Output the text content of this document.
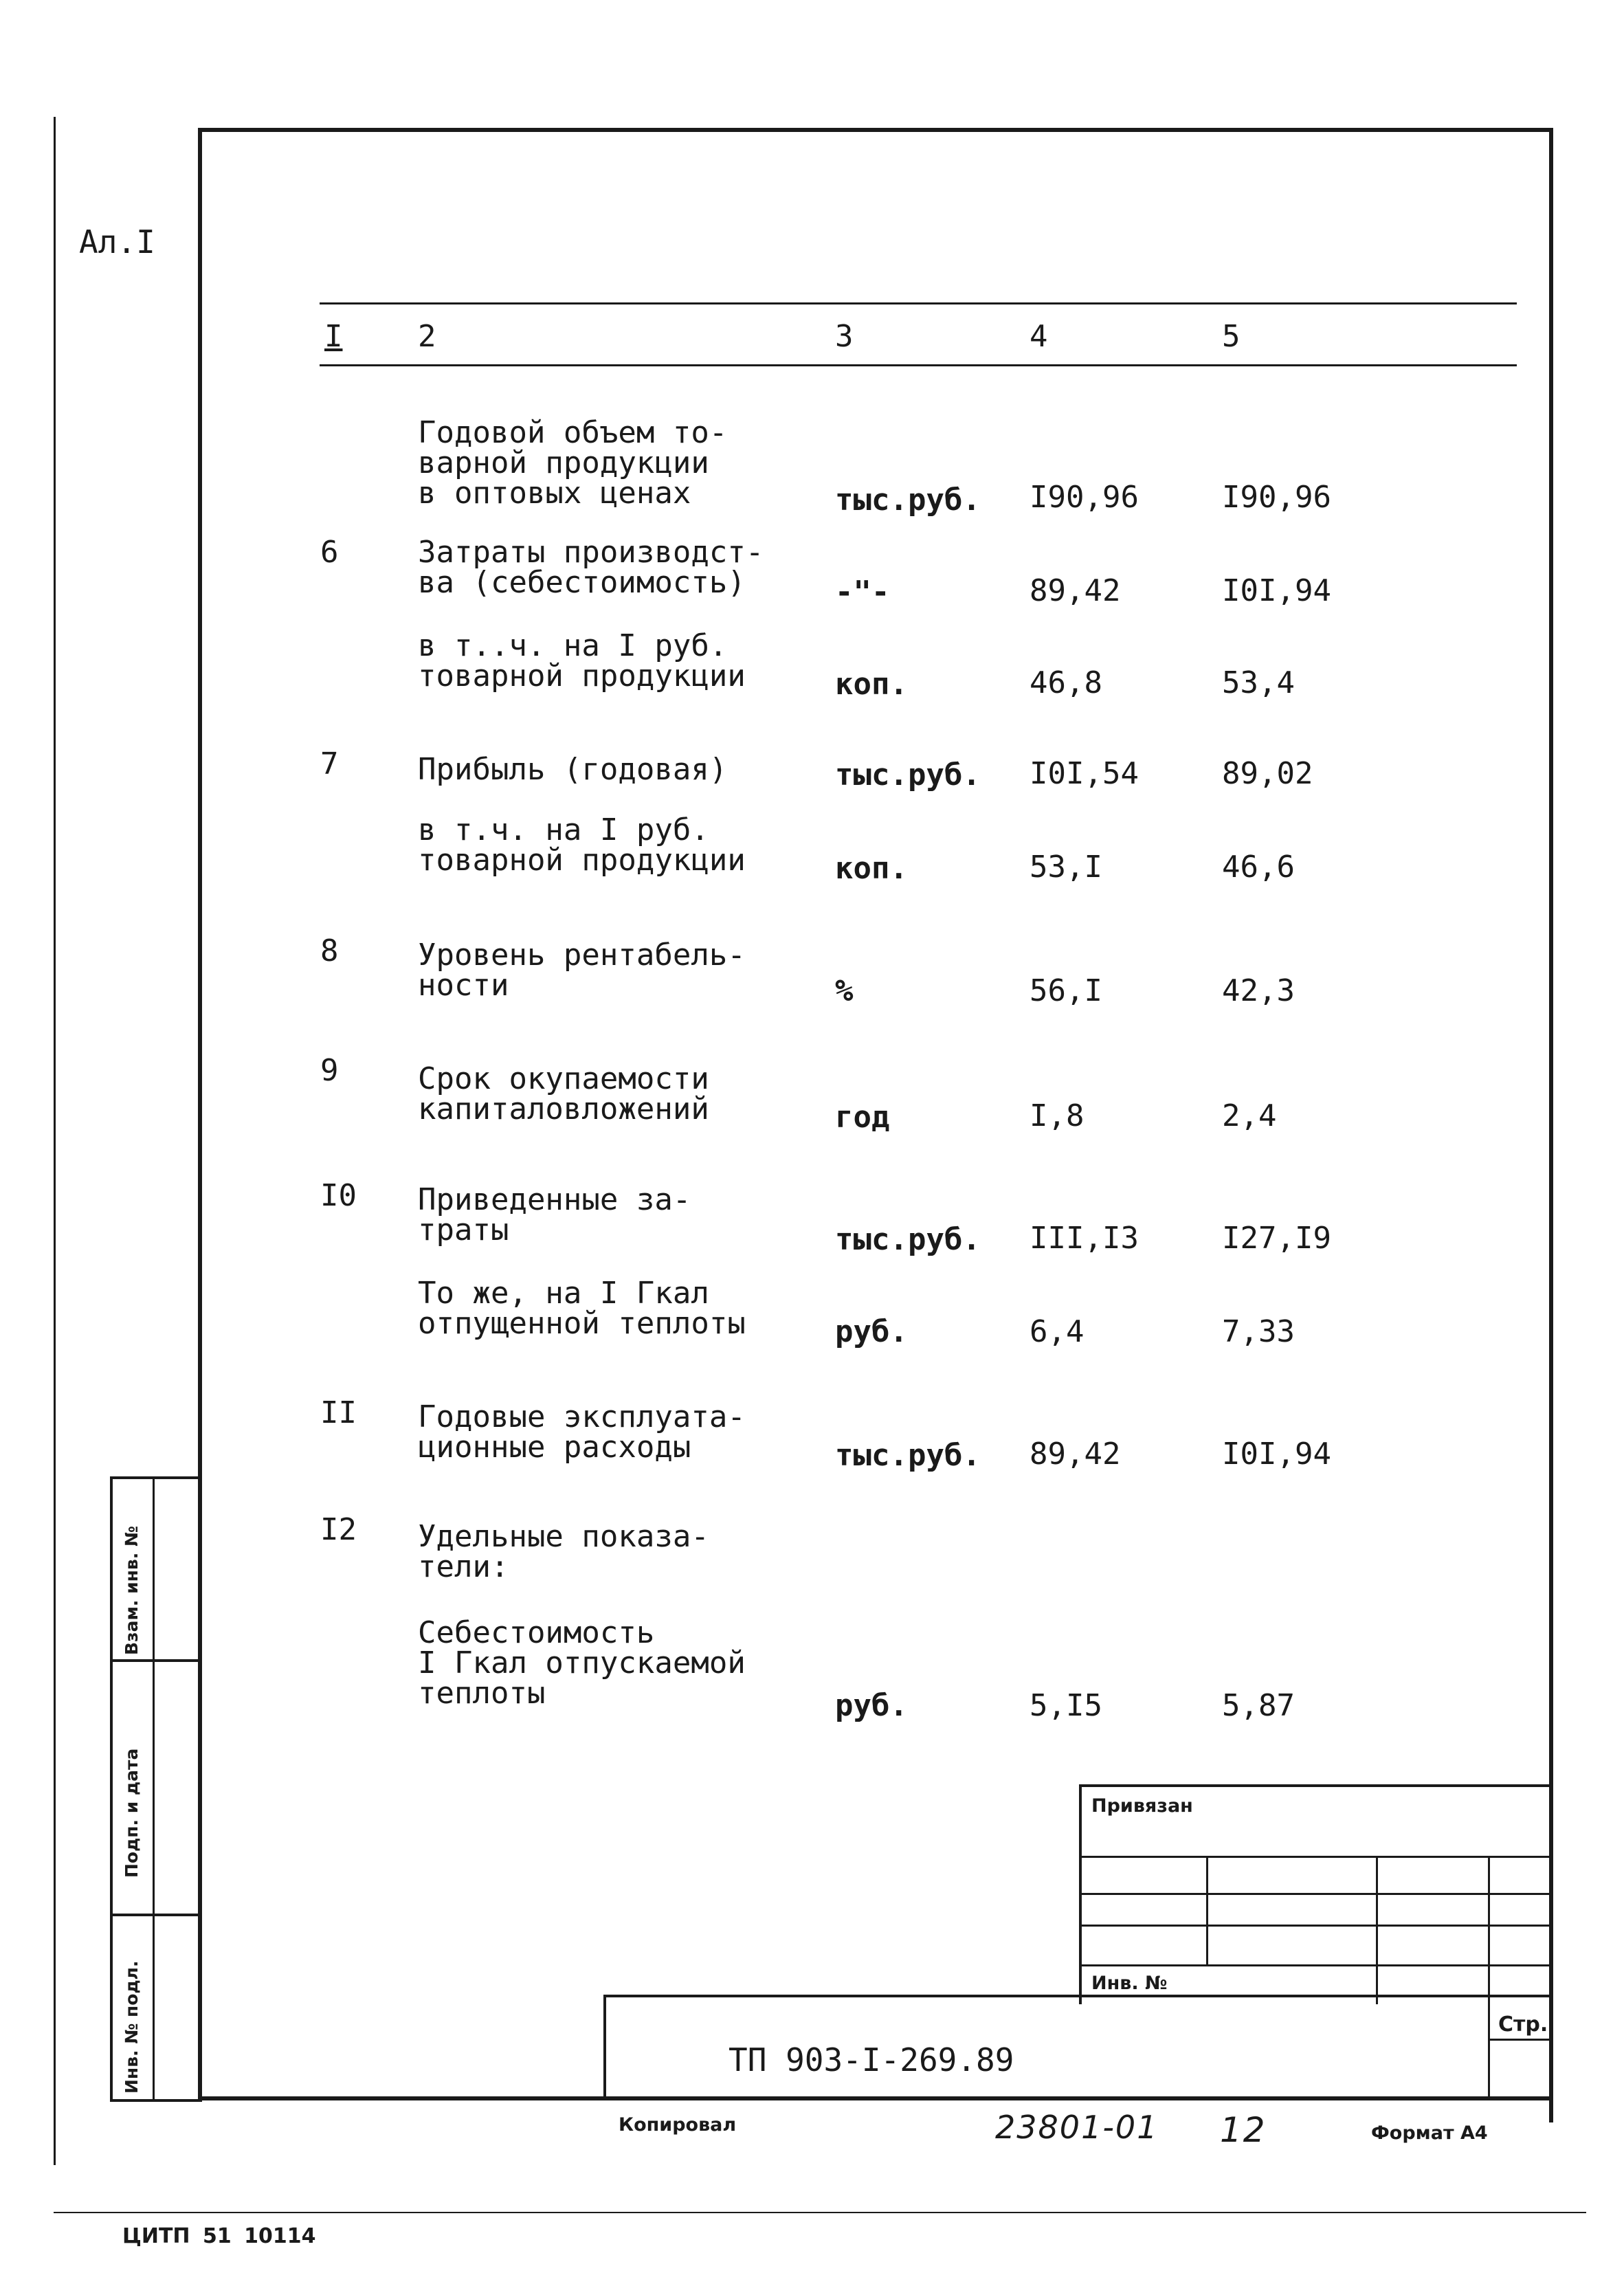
Ал.I
I 2	3	4	5
Годовой объем то-
варной продукции
в оптовых ценах	тыс.руб. I90,96	I90,96
6	Затраты производст-
ва (себестоимость)	-"-	89,42	I0I,94
в т..ч. на I руб.
товарной продукции	коп.	46,8	53,4
7	Прибыль (годовая)	тыс.руб. I0I,54	89,02
в т.ч. на I руб.
товарной продукции	коп.	53,I	46,6
8	Уровень рентабель-
ности	%	56,I	42,3
9	Срок окупаемости
капиталовложений	год	I,8	2,4
I0 Приведенные за-
траты	тыс.руб. III,I3	I27,I9
То же, на I Гкал
отпущенной теплоты	руб.	6,4	7,33
II Годовые эксплуата-
ционные расходы	тыс.руб. 89,42	I0I,94
I2 Удельные показа-
тели:
Себестоимость
I Гкал отпускаемой
теплоты	руб.	5,I5	5,87
Взам. инв. №
Подп. и дата
Инв. № подл.
Привязан
Инв. №
Стр.
ТП 903-I-269.89
Копировал	23801-01 12	Формат А4
ЦИТП 51 10114
